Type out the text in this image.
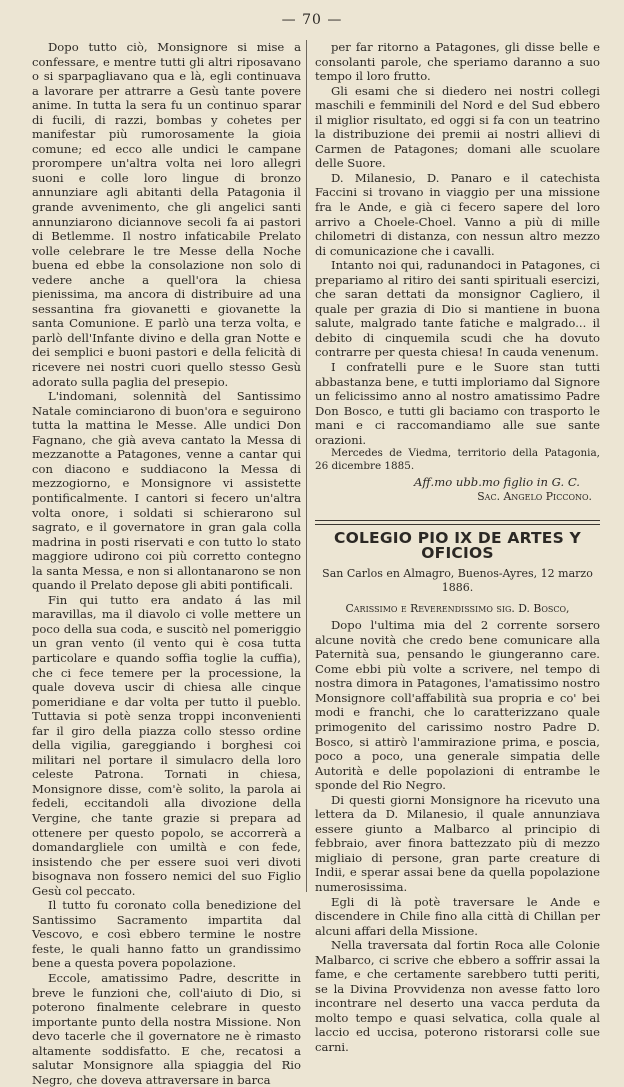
— 70 —

Dopo tutto ciò, Monsignore si mise a confessare, e mentre tutti gli altri riposavano o si sparpagliavano qua e là, egli continuava a lavorare per attrarre a Gesù tante povere anime. In tutta la sera fu un continuo sparar di fucili, di razzi, bombas y cohetes per manifestar più rumorosamente la gioia comune; ed ecco alle undici le campane prorompere un'altra volta nei loro allegri suoni e colle loro lingue di bronzo annunziare agli abitanti della Patagonia il grande avvenimento, che gli angelici santi annunziarono diciannove secoli fa ai pastori di Betlemme. Il nostro infaticabile Prelato volle celebrare le tre Messe della Noche buena ed ebbe la consolazione non solo di vedere anche a quell'ora la chiesa pienissima, ma ancora di distribuire ad una sessantina fra giovanetti e giovanette la santa Comunione. E parlò una terza volta, e parlò dell'Infante divino e della gran Notte e dei semplici e buoni pastori e della felicità di ricevere nei nostri cuori quello stesso Gesù adorato sulla paglia del presepio.

L'indomani, solennità del Santissimo Natale cominciarono di buon'ora e seguirono tutta la mattina le Messe. Alle undici Don Fagnano, che già aveva cantato la Messa di mezzanotte a Patagones, venne a cantar qui con diacono e suddiacono la Messa di mezzogiorno, e Monsignore vi assistette pontificalmente. I cantori si fecero un'altra volta onore, i soldati si schierarono sul sagrato, e il governatore in gran gala colla madrina in posti riservati e con tutto lo stato maggiore udirono coi più corretto contegno la santa Messa, e non si allontanarono se non quando il Prelato depose gli abiti pontificali.

Fin qui tutto era andato á las mil maravillas, ma il diavolo ci volle mettere un poco della sua coda, e suscitò nel pomeriggio un gran vento (il vento qui è cosa tutta particolare e quando soffia toglie la cuffia), che ci fece temere per la processione, la quale doveva uscir di chiesa alle cinque pomeridiane e dar volta per tutto il pueblo. Tuttavia si potè senza troppi inconvenienti far il giro della piazza collo stesso ordine della vigilia, gareggiando i borghesi coi militari nel portare il simulacro della loro celeste Patrona. Tornati in chiesa, Monsignore disse, com'è solito, la parola ai fedeli, eccitandoli alla divozione della Vergine, che tante grazie si prepara ad ottenere per questo popolo, se accorrerà a domandargliele con umiltà e con fede, insistendo che per essere suoi veri divoti bisognava non fossero nemici del suo Figlio Gesù col peccato.

Il tutto fu coronato colla benedizione del Santissimo Sacramento impartita dal Vescovo, e così ebbero termine le nostre feste, le quali hanno fatto un grandissimo bene a questa povera popolazione.

Eccole, amatissimo Padre, descritte in breve le funzioni che, coll'aiuto di Dio, si poterono finalmente celebrare in questo importante punto della nostra Missione. Non devo tacerle che il governatore ne è rimasto altamente soddisfatto. E che, recatosi a salutar Monsignore alla spiaggia del Rio Negro, che doveva attraversare in barca

per far ritorno a Patagones, gli disse belle e consolanti parole, che speriamo daranno a suo tempo il loro frutto.

Gli esami che si diedero nei nostri collegi maschili e femminili del Nord e del Sud ebbero il miglior risultato, ed oggi si fa con un teatrino la distribuzione dei premii ai nostri allievi di Carmen de Patagones; domani alle scuolare delle Suore.

D. Milanesio, D. Panaro e il catechista Faccini si trovano in viaggio per una missione fra le Ande, e già ci fecero sapere del loro arrivo a Choele-Choel. Vanno a più di mille chilometri di distanza, con nessun altro mezzo di comunicazione che i cavalli.

Intanto noi qui, radunandoci in Patagones, ci prepariamo al ritiro dei santi spirituali esercizi, che saran dettati da monsignor Cagliero, il quale per grazia di Dio si mantiene in buona salute, malgrado tante fatiche e malgrado... il debito di cinquemila scudi che ha dovuto contrarre per questa chiesa! In cauda venenum.

I confratelli pure e le Suore stan tutti abbastanza bene, e tutti imploriamo dal Signore un felicissimo anno al nostro amatissimo Padre Don Bosco, e tutti gli baciamo con trasporto le mani e ci raccomandiamo alle sue sante orazioni.

Mercedes de Viedma, territorio della Patagonia, 26 dicembre 1885.

Aff.mo ubb.mo figlio in G. C.

Sac. Angelo Piccono.

COLEGIO PIO IX DE ARTES Y OFICIOS

San Carlos en Almagro, Buenos-Ayres, 12 marzo 1886.

Carissimo e Reverendissimo sig. D. Bosco,

Dopo l'ultima mia del 2 corrente sorsero alcune novità che credo bene comunicare alla Paternità sua, pensando le giungeranno care. Come ebbi più volte a scrivere, nel tempo di nostra dimora in Patagones, l'amatissimo nostro Monsignore coll'affabilità sua propria e co' bei modi e franchi, che lo caratterizzano quale primogenito del carissimo nostro Padre D. Bosco, si attirò l'ammirazione prima, e poscia, poco a poco, una generale simpatia delle Autorità e delle popolazioni di entrambe le sponde del Rio Negro.

Di questi giorni Monsignore ha ricevuto una lettera da D. Milanesio, il quale annunziava essere giunto a Malbarco al principio di febbraio, aver finora battezzato più di mezzo migliaio di persone, gran parte creature di Indii, e sperar assai bene da quella popolazione numerosissima.

Egli di là potè traversare le Ande e discendere in Chile fino alla città di Chillan per alcuni affari della Missione.

Nella traversata dal fortin Roca alle Colonie Malbarco, ci scrive che ebbero a soffrir assai la fame, e che certamente sarebbero tutti periti, se la Divina Provvidenza non avesse fatto loro incontrare nel deserto una vacca perduta da molto tempo e quasi selvatica, colla quale al laccio ed uccisa, poterono ristorarsi colle sue carni.
